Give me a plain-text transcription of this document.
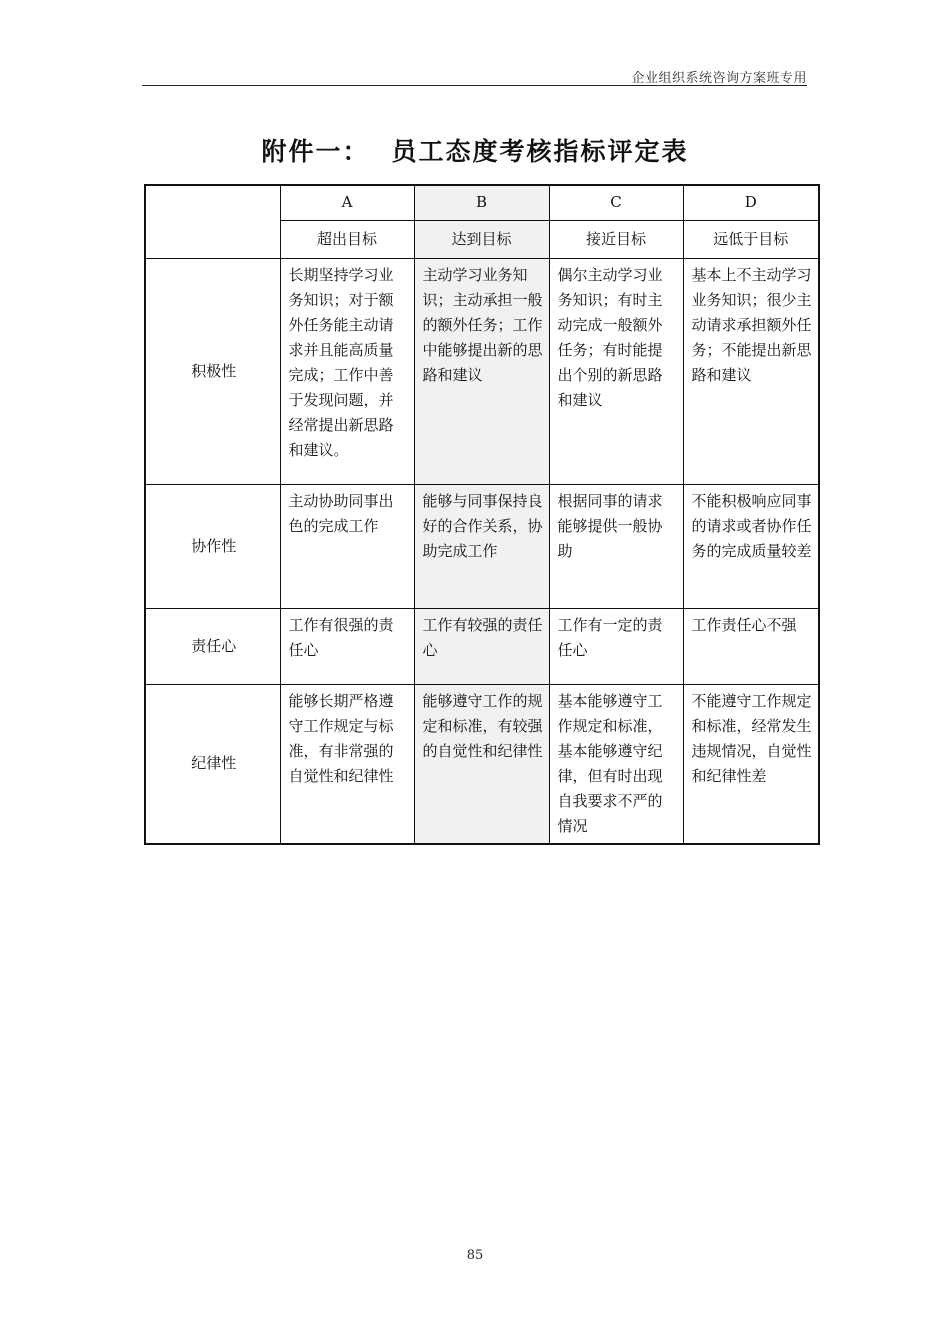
企业组织系统咨询方案班专用
附件一： 员工态度考核指标评定表
	A	B	C	D
	超出目标	达到目标	接近目标	远低于目标
积极性	长期坚持学习业务知识；对于额外任务能主动请求并且能高质量完成；工作中善于发现问题，并经常提出新思路和建议。	主动学习业务知识；主动承担一般的额外任务；工作中能够提出新的思路和建议	偶尔主动学习业务知识；有时主动完成一般额外任务；有时能提出个别的新思路和建议	基本上不主动学习业务知识；很少主动请求承担额外任务；不能提出新思路和建议
协作性	主动协助同事出色的完成工作	能够与同事保持良好的合作关系，协助完成工作	根据同事的请求能够提供一般协助	不能积极响应同事的请求或者协作任务的完成质量较差
责任心	工作有很强的责任心	工作有较强的责任心	工作有一定的责任心	工作责任心不强
纪律性	能够长期严格遵守工作规定与标准，有非常强的自觉性和纪律性	能够遵守工作的规定和标准，有较强的自觉性和纪律性	基本能够遵守工作规定和标准，基本能够遵守纪律，但有时出现自我要求不严的情况	不能遵守工作规定和标准，经常发生违规情况，自觉性和纪律性差
85
